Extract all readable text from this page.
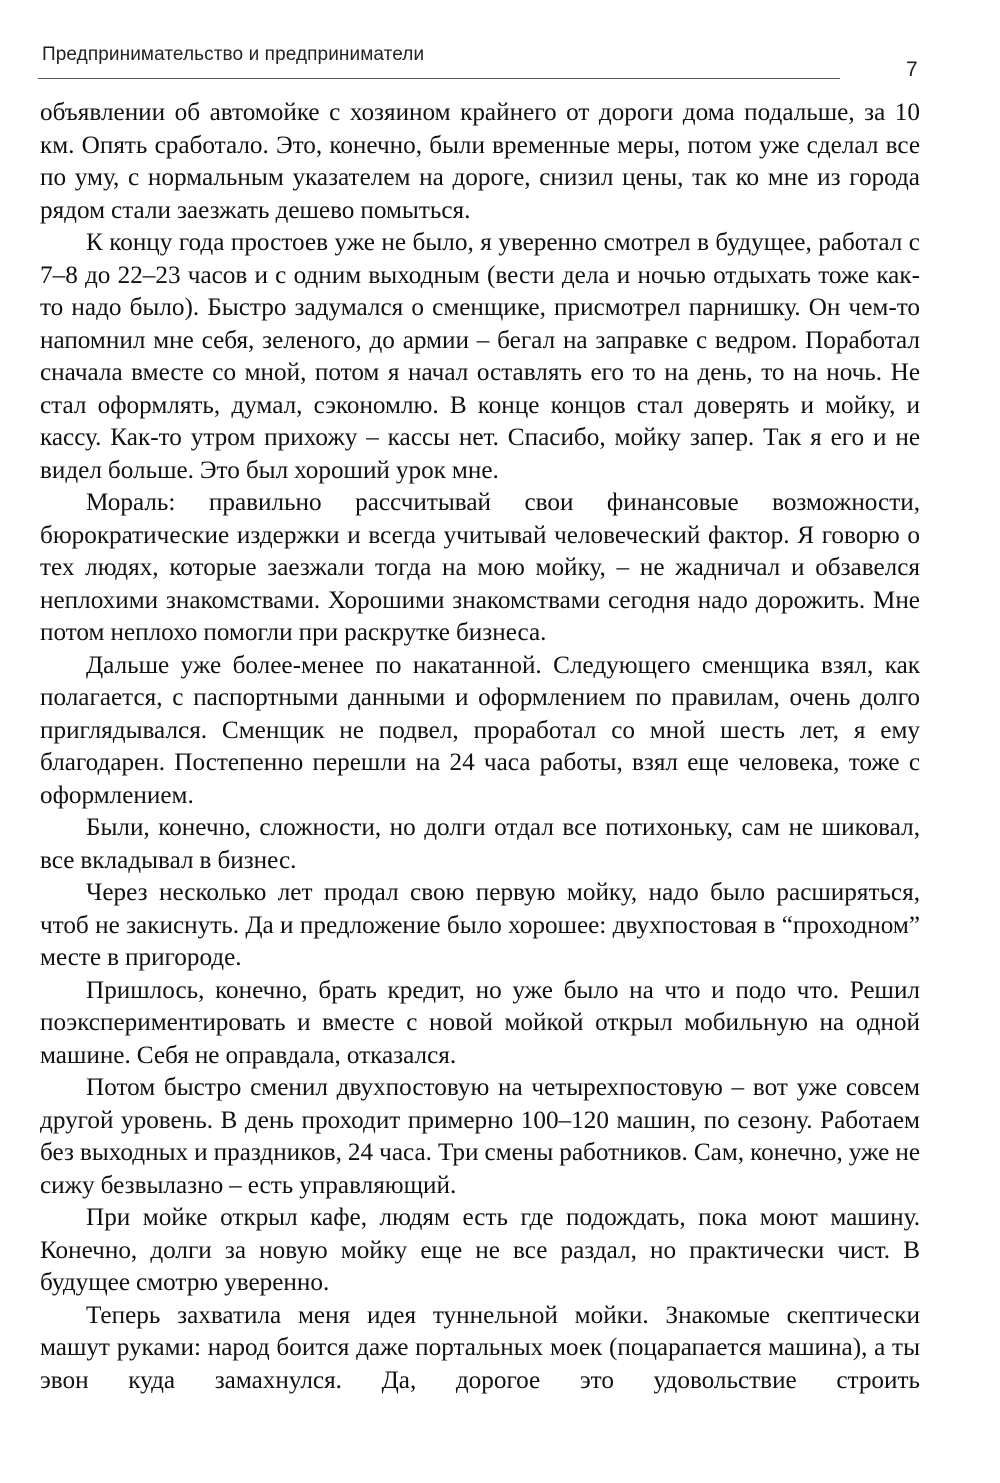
Предпринимательство и предприниматели
7

объявлении об автомойке с хозяином крайнего от дороги дома подальше, за 10 км. Опять сработало. Это, конечно, были временные меры, потом уже сделал все по уму, с нормальным указателем на дороге, снизил цены, так ко мне из города рядом стали заезжать дешево помыться.

К концу года простоев уже не было, я уверенно смотрел в будущее, работал с 7–8 до 22–23 часов и с одним выходным (вести дела и ночью отдыхать тоже как-то надо было). Быстро задумался о сменщике, присмотрел парнишку. Он чем-то напомнил мне себя, зеленого, до армии – бегал на заправке с ведром. Поработал сначала вместе со мной, потом я начал оставлять его то на день, то на ночь. Не стал оформлять, думал, сэкономлю. В конце концов стал доверять и мойку, и кассу. Как-то утром прихожу – кассы нет. Спасибо, мойку запер. Так я его и не видел больше. Это был хороший урок мне.

Мораль: правильно рассчитывай свои финансовые возможности, бюрократические издержки и всегда учитывай человеческий фактор. Я говорю о тех людях, которые заезжали тогда на мою мойку, – не жадничал и обзавелся неплохими знакомствами. Хорошими знакомствами сегодня надо дорожить. Мне потом неплохо помогли при раскрутке бизнеса.

Дальше уже более-менее по накатанной. Следующего сменщика взял, как полагается, с паспортными данными и оформлением по правилам, очень долго приглядывался. Сменщик не подвел, проработал со мной шесть лет, я ему благодарен. Постепенно перешли на 24 часа работы, взял еще человека, тоже с оформлением.

Были, конечно, сложности, но долги отдал все потихоньку, сам не шиковал, все вкладывал в бизнес.

Через несколько лет продал свою первую мойку, надо было расширяться, чтоб не закиснуть. Да и предложение было хорошее: двухпостовая в “проходном” месте в пригороде.

Пришлось, конечно, брать кредит, но уже было на что и подо что. Решил поэкспериментировать и вместе с новой мойкой открыл мобильную на одной машине. Себя не оправдала, отказался.

Потом быстро сменил двухпостовую на четырехпостовую – вот уже совсем другой уровень. В день проходит примерно 100–120 машин, по сезону. Работаем без выходных и праздников, 24 часа. Три смены работников. Сам, конечно, уже не сижу безвылазно – есть управляющий.

При мойке открыл кафе, людям есть где подождать, пока моют машину. Конечно, долги за новую мойку еще не все раздал, но практически чист. В будущее смотрю уверенно.

Теперь захватила меня идея туннельной мойки. Знакомые скептически машут руками: народ боится даже портальных моек (поцарапается машина), а ты эвон куда замахнулся. Да, дорогое это удовольствие строить
